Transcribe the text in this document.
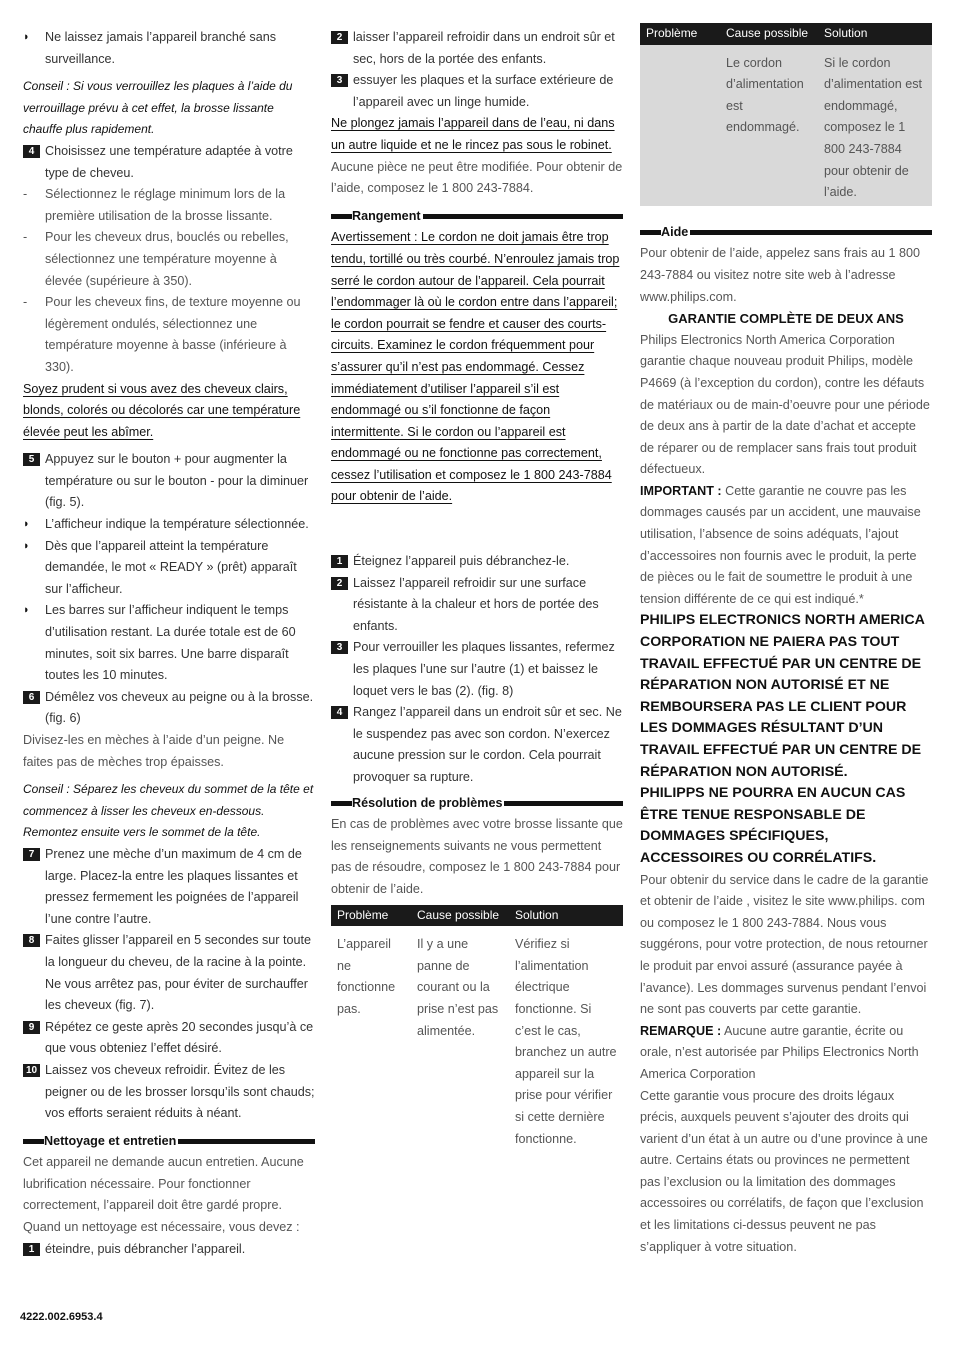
◗ Ne laissez jamais l’appareil branché sans surveillance.

Conseil : Si vous verrouillez les plaques à l’aide du verrouillage prévu à cet effet, la brosse lissante chauffe plus rapidement.

4 Choisissez une température adaptée à votre type de cheveu.

- Sélectionnez le réglage minimum lors de la première utilisation de la brosse lissante.

- Pour les cheveux drus, bouclés ou rebelles, sélectionnez une température moyenne à élevée (supérieure à 350).

- Pour les cheveux fins, de texture moyenne ou légèrement ondulés, sélectionnez une température moyenne à basse (inférieure à 330).

Soyez prudent si vous avez des cheveux clairs, blonds, colorés ou décolorés car une température élevée peut les abîmer.

5 Appuyez sur le bouton + pour augmenter la température ou sur le bouton - pour la diminuer (fig. 5).

◗ L’afficheur indique la température sélectionnée.

◗ Dès que l’appareil atteint la température demandée, le mot « READY » (prêt) apparaît sur l’afficheur.

◗ Les barres sur l’afficheur indiquent le temps d’utilisation restant. La durée totale est de 60 minutes, soit six barres. Une barre disparaît toutes les 10 minutes.

6 Démêlez vos cheveux au peigne ou à la brosse. (fig. 6)

Divisez-les en mèches à l’aide d’un peigne. Ne faites pas de mèches trop épaisses.

Conseil : Séparez les cheveux du sommet de la tête et commencez à lisser les cheveux en-dessous. Remontez ensuite vers le sommet de la tête.

7 Prenez une mèche d’un maximum de 4 cm de large. Placez-la entre les plaques lissantes et pressez fermement les poignées de l’appareil l’une contre l’autre.

8 Faites glisser l’appareil en 5 secondes sur toute la longueur du cheveu, de la racine à la pointe. Ne vous arrêtez pas, pour éviter de surchauffer les cheveux (fig. 7).

9 Répétez ce geste après 20 secondes jusqu’à ce que vous obteniez l’effet désiré.

10 Laissez vos cheveux refroidir. Évitez de les peigner ou de les brosser lorsqu’ils sont chauds; vos efforts seraient réduits à néant.

Nettoyage et entretien

Cet appareil ne demande aucun entretien. Aucune lubrification nécessaire. Pour fonctionner correctement, l’appareil doit être gardé propre. Quand un nettoyage est nécessaire, vous devez :

1 éteindre, puis débrancher l’appareil.

2 laisser l’appareil refroidir dans un endroit sûr et sec, hors de la portée des enfants.

3 essuyer les plaques et la surface extérieure de l’appareil avec un linge humide.

Ne plongez jamais l’appareil dans de l’eau, ni dans un autre liquide et ne le rincez pas sous le robinet.

Aucune pièce ne peut être modifiée. Pour obtenir de l’aide, composez le 1 800 243-7884.

Rangement

Avertissement : Le cordon ne doit jamais être trop tendu, tortillé ou très courbé. N’enroulez jamais trop serré le cordon autour de l’appareil. Cela pourrait l’endommager là où le cordon entre dans l’appareil; le cordon pourrait se fendre et causer des courts-circuits. Examinez le cordon fréquemment pour s’assurer qu’il n’est pas endommagé. Cessez immédiatement d’utiliser l’appareil s’il est endommagé ou s’il fonctionne de façon intermittente. Si le cordon ou l’appareil est endommagé ou ne fonctionne pas correctement, cessez l’utilisation et composez le 1 800 243-7884 pour obtenir de l’aide.

1 Éteignez l’appareil puis débranchez-le.

2 Laissez l’appareil refroidir sur une surface résistante à la chaleur et hors de portée des enfants.

3 Pour verrouiller les plaques lissantes, refermez les plaques l’une sur l’autre (1) et baissez le loquet vers le bas (2). (fig. 8)

4 Rangez l’appareil dans un endroit sûr et sec. Ne le suspendez pas avec son cordon. N’exercez aucune pression sur le cordon. Cela pourrait provoquer sa rupture.

Résolution de problèmes

En cas de problèmes avec votre brosse lissante que les renseignements suivants ne vous permettent pas de résoudre, composez le 1 800 243-7884 pour obtenir de l’aide.

Problème	Cause possible	Solution
L’appareil ne fonctionne pas.	Il y a une panne de courant ou la prise n’est pas alimentée.	Vérifiez si l’alimentation électrique fonctionne. Si c’est le cas, branchez un autre appareil sur la prise pour vérifier si cette dernière fonctionne.
Problème	Cause possible	Solution
	Le cordon d’alimentation est endommagé.	Si le cordon d’alimentation est endommagé, composez le 1 800 243-7884 pour obtenir de l’aide.
Aide

Pour obtenir de l’aide, appelez sans frais au 1 800 243-7884 ou visitez notre site web à l’adresse www.philips.com.

GARANTIE COMPLÈTE DE DEUX ANS

Philips Electronics North America Corporation garantie chaque nouveau produit Philips, modèle P4669 (à l’exception du cordon), contre les défauts de matériaux ou de main-d’oeuvre pour une période de deux ans à partir de la date d’achat et accepte de réparer ou de remplacer sans frais tout produit défectueux.

IMPORTANT : Cette garantie ne couvre pas les dommages causés par un accident, une mauvaise utilisation, l’absence de soins adéquats, l’ajout d’accessoires non fournis avec le produit, la perte de pièces ou le fait de soumettre le produit à une tension différente de ce qui est indiqué.*

PHILIPS ELECTRONICS NORTH AMERICA CORPORATION NE PAIERA PAS TOUT TRAVAIL EFFECTUÉ PAR UN CENTRE DE RÉPARATION NON AUTORISÉ ET NE REMBOURSERA PAS LE CLIENT POUR LES DOMMAGES RÉSULTANT D’UN TRAVAIL EFFECTUÉ PAR UN CENTRE DE RÉPARATION NON AUTORISÉ.

PHILIPPS NE POURRA EN AUCUN CAS ÊTRE TENUE RESPONSABLE DE DOMMAGES SPÉCIFIQUES, ACCESSOIRES OU CORRÉLATIFS.

Pour obtenir du service dans le cadre de la garantie et obtenir de l’aide , visitez le site www.philips. com ou composez le 1 800 243-7884. Nous vous suggérons, pour votre protection, de nous retourner le produit par envoi assuré (assurance payée à l’avance). Les dommages survenus pendant l’envoi ne sont pas couverts par cette garantie.

REMARQUE : Aucune autre garantie, écrite ou orale, n’est autorisée par Philips Electronics North America Corporation

Cette garantie vous procure des droits légaux précis, auxquels peuvent s’ajouter des droits qui varient d’un état à un autre ou d’une province à une autre. Certains états ou provinces ne permettent pas l’exclusion ou la limitation des dommages accessoires ou corrélatifs, de façon que l’exclusion et les limitations ci-dessus peuvent ne pas s’appliquer à votre situation.

4222.002.6953.4
